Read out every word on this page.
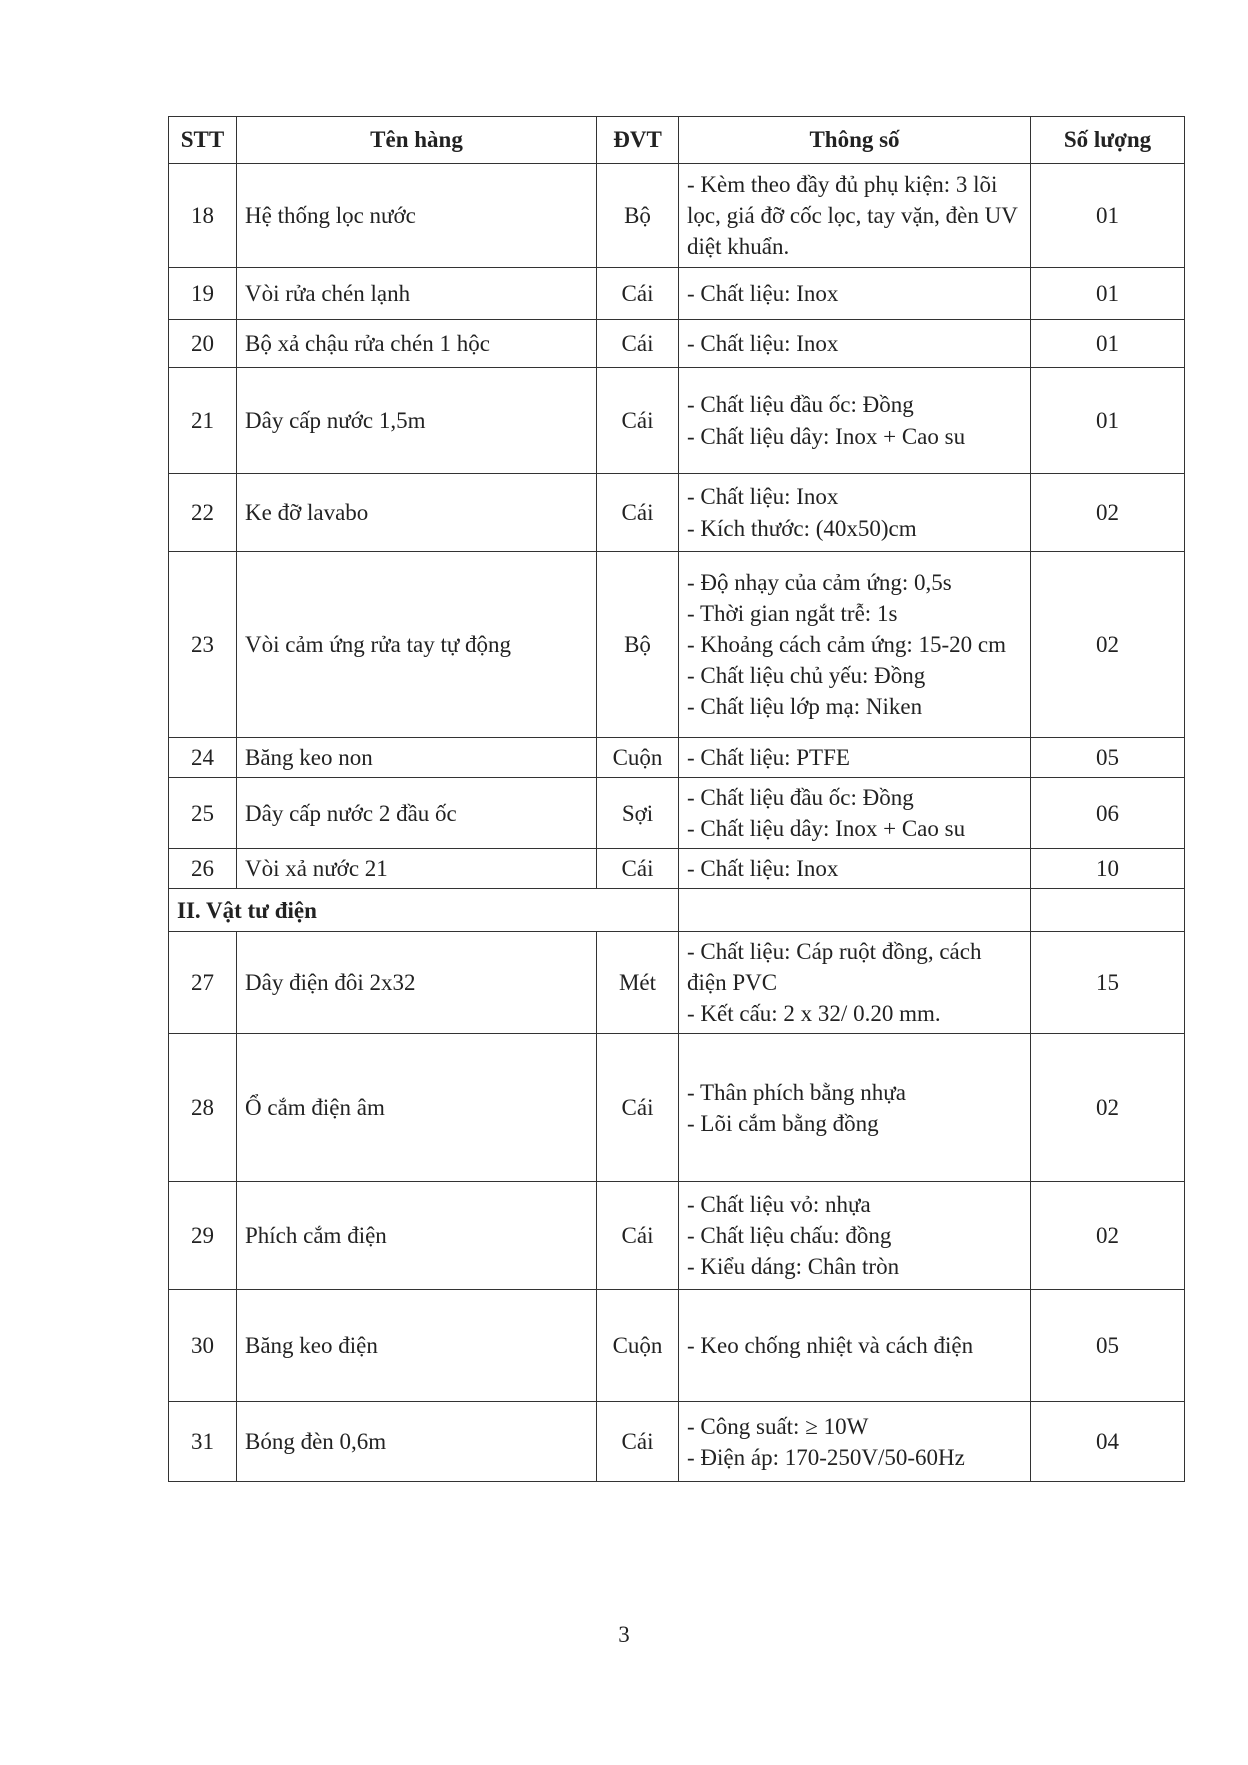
STT	Tên hàng	ĐVT	Thông số	Số lượng
18	Hệ thống lọc nước	Bộ	- Kèm theo đầy đủ phụ kiện: 3 lõi lọc, giá đỡ cốc lọc, tay vặn, đèn UV diệt khuẩn.	01
19	Vòi rửa chén lạnh	Cái	- Chất liệu: Inox	01
20	Bộ xả chậu rửa chén 1 hộc	Cái	- Chất liệu: Inox	01
21	Dây cấp nước 1,5m	Cái	- Chất liệu đầu ốc: Đồng
- Chất liệu dây: Inox + Cao su	01
22	Ke đỡ lavabo	Cái	- Chất liệu: Inox
- Kích thước: (40x50)cm	02
23	Vòi cảm ứng rửa tay tự động	Bộ	- Độ nhạy của cảm ứng: 0,5s
- Thời gian ngắt trễ: 1s
- Khoảng cách cảm ứng: 15-20 cm
- Chất liệu chủ yếu: Đồng
- Chất liệu lớp mạ: Niken	02
24	Băng keo non	Cuộn	- Chất liệu: PTFE	05
25	Dây cấp nước 2 đầu ốc	Sợi	- Chất liệu đầu ốc: Đồng
- Chất liệu dây: Inox + Cao su	06
26	Vòi xả nước 21	Cái	- Chất liệu: Inox	10
II. Vật tư điện				
27	Dây điện đôi 2x32	Mét	- Chất liệu: Cáp ruột đồng, cách điện PVC
- Kết cấu: 2 x 32/ 0.20 mm.	15
28	Ổ cắm điện âm	Cái	- Thân phích bằng nhựa
- Lõi cắm bằng đồng	02
29	Phích cắm điện	Cái	- Chất liệu vỏ: nhựa
- Chất liệu chấu: đồng
- Kiểu dáng: Chân tròn	02
30	Băng keo điện	Cuộn	- Keo chống nhiệt và cách điện	05
31	Bóng đèn 0,6m	Cái	- Công suất: ≥ 10W
- Điện áp: 170-250V/50-60Hz	04
3
